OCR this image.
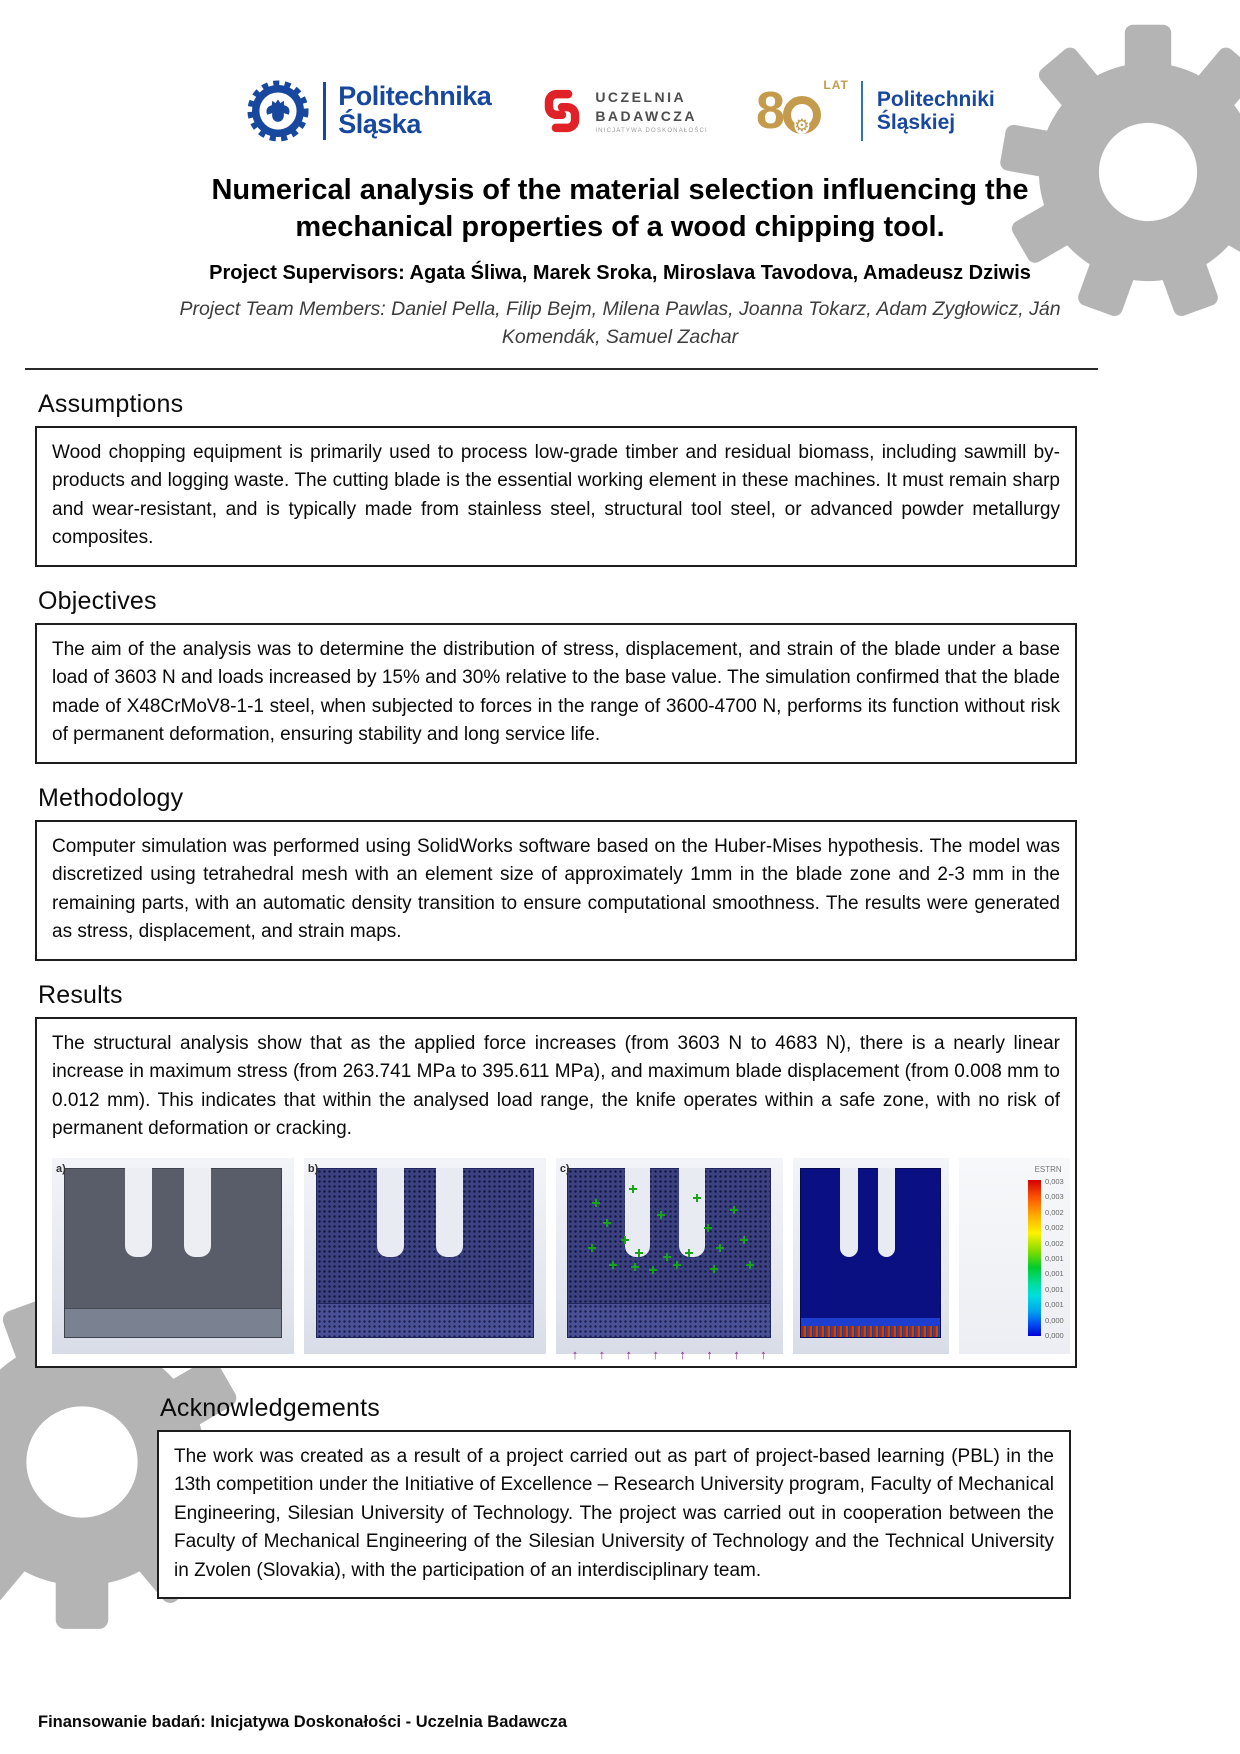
Politechnika
Śląska
UCZELNIA
BADAWCZA
INICJATYWA DOSKONAŁOŚCI 8 ⚙
LAT
Politechniki
Śląskiej
Numerical analysis of the material selection influencing the mechanical properties of a wood chipping tool.

Project Supervisors: Agata Śliwa, Marek Sroka, Miroslava Tavodova, Amadeusz Dziwis

Project Team Members: Daniel Pella, Filip Bejm, Milena Pawlas, Joanna Tokarz, Adam Zygłowicz, Ján Komendák, Samuel Zachar

Assumptions
Wood chopping equipment is primarily used to process low-grade timber and residual biomass, including sawmill by-products and logging waste. The cutting blade is the essential working element in these machines. It must remain sharp and wear-resistant, and is typically made from stainless steel, structural tool steel, or advanced powder metallurgy composites.
Objectives
The aim of the analysis was to determine the distribution of stress, displacement, and strain of the blade under a base load of 3603 N and loads increased by 15% and 30% relative to the base value. The simulation confirmed that the blade made of X48CrMoV8-1-1 steel, when subjected to forces in the range of 3600-4700 N, performs its function without risk of permanent deformation, ensuring stability and long service life.
Methodology
Computer simulation was performed using SolidWorks software based on the Huber-Mises hypothesis. The model was discretized using tetrahedral mesh with an element size of approximately 1mm in the blade zone and 2-3 mm in the remaining parts, with an automatic density transition to ensure computational smoothness. The results were generated as stress, displacement, and strain maps.
Results
The structural analysis show that as the applied force increases (from 3603 N to 4683 N), there is a nearly linear increase in maximum stress (from 263.741 MPa to 395.611 MPa), and maximum blade displacement (from 0.008 mm to 0.012 mm). This indicates that within the analysed load range, the knife operates within a safe zone, with no risk of permanent deformation or cracking.
a)	b)	c)
↑
↑
↑
↑
↑
↑
↑
↑	ESTRN
0,003
0,003
0,002
0,002
0,002
0,001
0,001
0,001
0,001
0,000
0,000
Acknowledgements
The work was created as a result of a project carried out as part of project-based learning (PBL) in the 13th competition under the Initiative of Excellence – Research University program, Faculty of Mechanical Engineering, Silesian University of Technology. The project was carried out in cooperation between the Faculty of Mechanical Engineering of the Silesian University of Technology and the Technical University in Zvolen (Slovakia), with the participation of an interdisciplinary team.
Finansowanie badań: Inicjatywa Doskonałości - Uczelnia Badawcza
